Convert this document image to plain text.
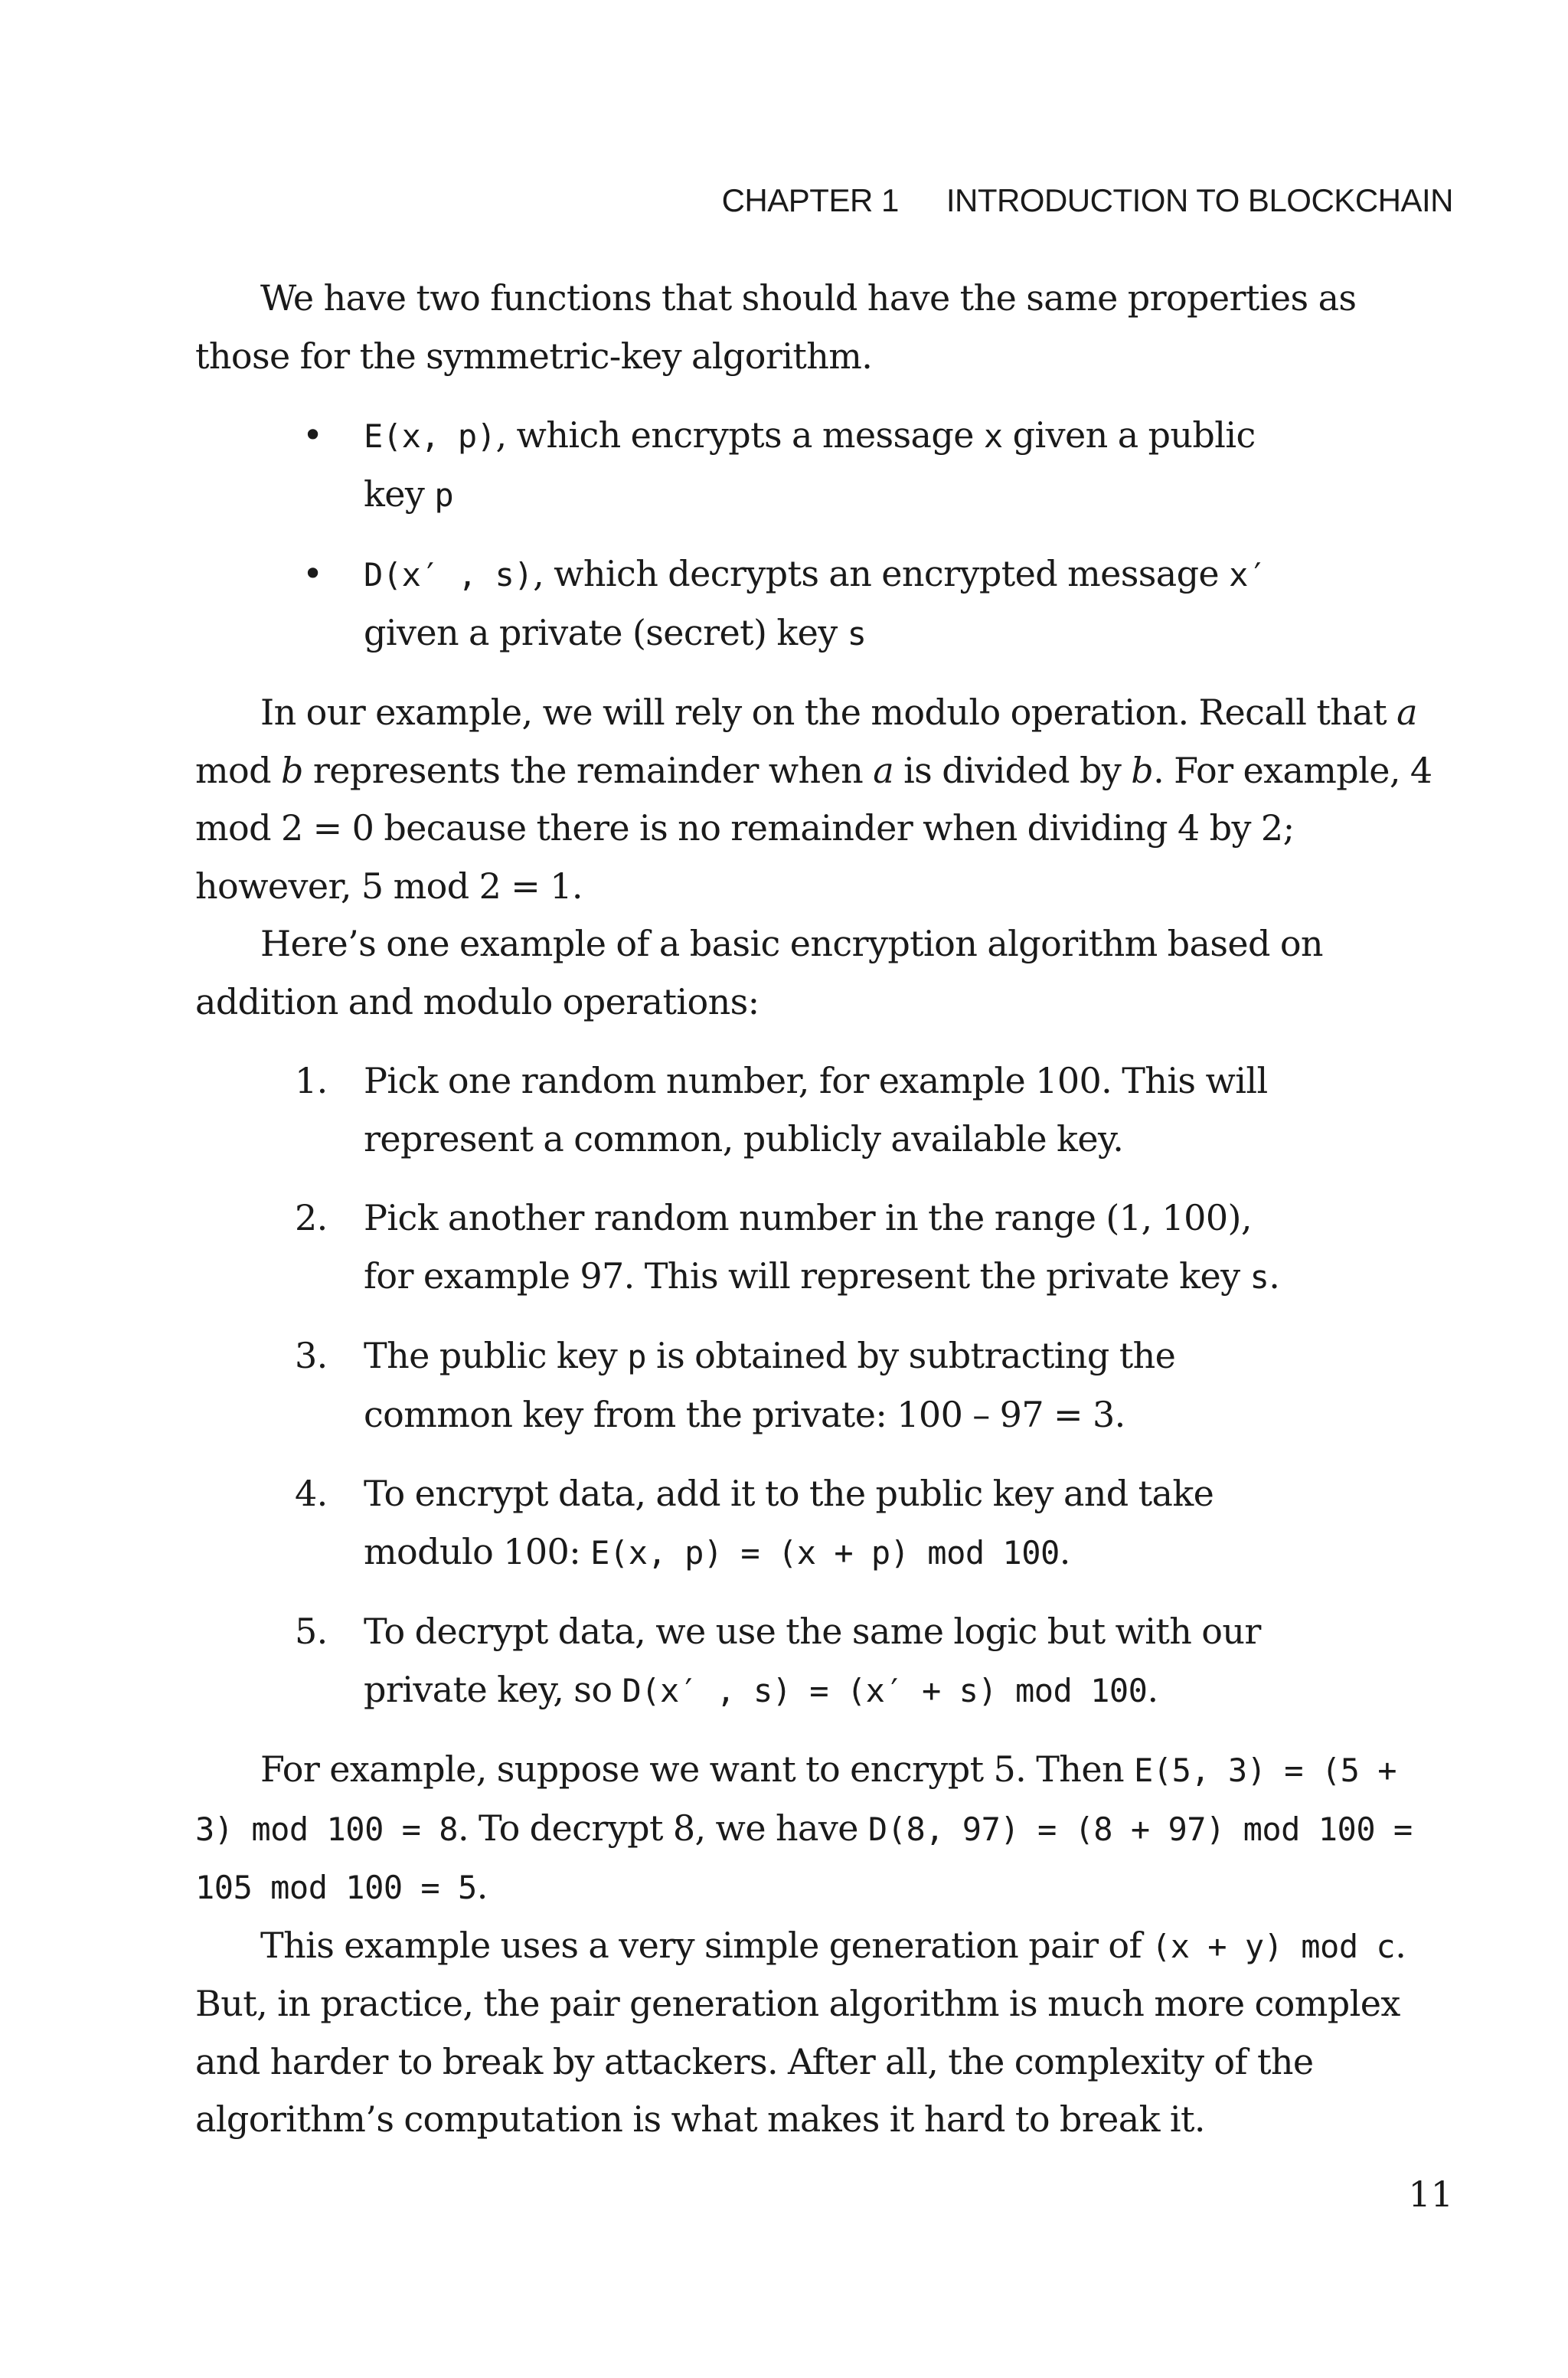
CHAPTER 1 INTRODUCTION TO BLOCKCHAIN

We have two functions that should have the same properties as those for the symmetric-key algorithm.

• E(x, p), which encrypts a message x given a public key p
• D(x′ , s), which decrypts an encrypted message x′ given a private (secret) key s

In our example, we will rely on the modulo operation. Recall that a mod b represents the remainder when a is divided by b. For example, 4 mod 2 = 0 because there is no remainder when dividing 4 by 2; however, 5 mod 2 = 1.

Here’s one example of a basic encryption algorithm based on addition and modulo operations:

1. Pick one random number, for example 100. This will represent a common, publicly available key.
2. Pick another random number in the range (1, 100), for example 97. This will represent the private key s.
3. The public key p is obtained by subtracting the common key from the private: 100 – 97 = 3.
4. To encrypt data, add it to the public key and take modulo 100: E(x, p) = (x + p) mod 100.
5. To decrypt data, we use the same logic but with our private key, so D(x′ , s) = (x′ + s) mod 100.

For example, suppose we want to encrypt 5. Then E(5, 3) = (5 + 3) mod 100 = 8. To decrypt 8, we have D(8, 97) = (8 + 97) mod 100 = 105 mod 100 = 5.

This example uses a very simple generation pair of (x + y) mod c. But, in practice, the pair generation algorithm is much more complex and harder to break by attackers. After all, the complexity of the algorithm’s computation is what makes it hard to break it.

11
